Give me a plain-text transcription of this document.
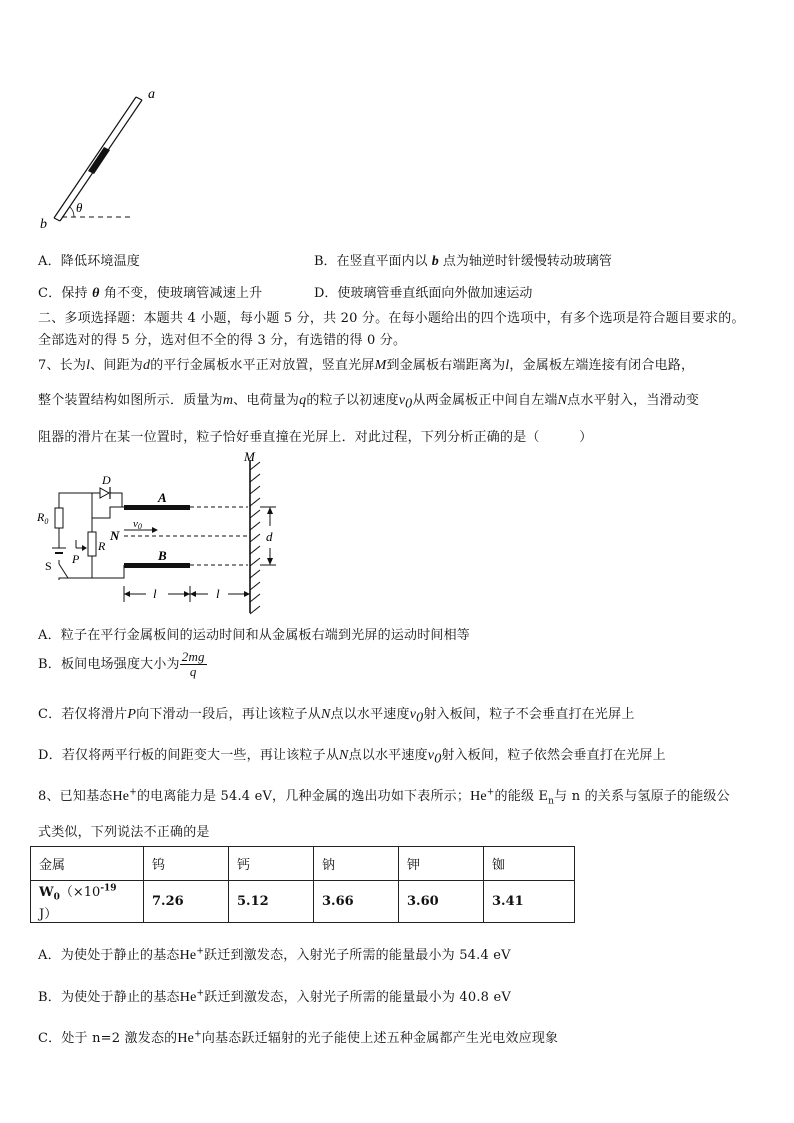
a
b
θ
A．降低环境温度	B．在竖直平面内以 b 点为轴逆时针缓慢转动玻璃管
C．保持 θ 角不变，使玻璃管减速上升	D．使玻璃管垂直纸面向外做加速运动
二、多项选择题：本题共 4 小题，每小题 5 分，共 20 分。在每小题给出的四个选项中，有多个选项是符合题目要求的。
全部选对的得 5 分，选对但不全的得 3 分，有选错的得 0 分。
7、长为l、间距为d的平行金属板水平正对放置，竖直光屏M到金属板右端距离为l，金属板左端连接有闭合电路，
整个装置结构如图所示．质量为m、电荷量为q的粒子以初速度$v_0$从两金属板正中间自左端N点水平射入，当滑动变
阻器的滑片在某一位置时，粒子恰好垂直撞在光屏上．对此过程，下列分析正确的是（　　　）
M
A
B
v0
N	d
l	l
D
$R_0$
S
R
P
A．粒子在平行金属板间的运动时间和从金属板右端到光屏的运动时间相等
B．板间电场强度大小为 $\frac{2mg}{q}$
C．若仅将滑片P向下滑动一段后，再让该粒子从N点以水平速度$v_0$射入板间，粒子不会垂直打在光屏上
D．若仅将两平行板的间距变大一些，再让该粒子从N点以水平速度$v_0$射入板间，粒子依然会垂直打在光屏上
8、已知基态He+的电离能力是 54.4 eV，几种金属的逸出功如下表所示；He+的能级 $E_n$与 n 的关系与氢原子的能级公
式类似，下列说法不正确的是
金属	钨	钙	钠	钾	铷
$W_0(\times 10^{-19}$ J）	7.26	5.12	3.66	3.60	3.41
A．为使处于静止的基态He+跃迁到激发态，入射光子所需的能量最小为 54.4 eV
B．为使处于静止的基态He+跃迁到激发态，入射光子所需的能量最小为 40.8 eV
C．处于 n=2 激发态的He+向基态跃迁辐射的光子能使上述五种金属都产生光电效应现象
